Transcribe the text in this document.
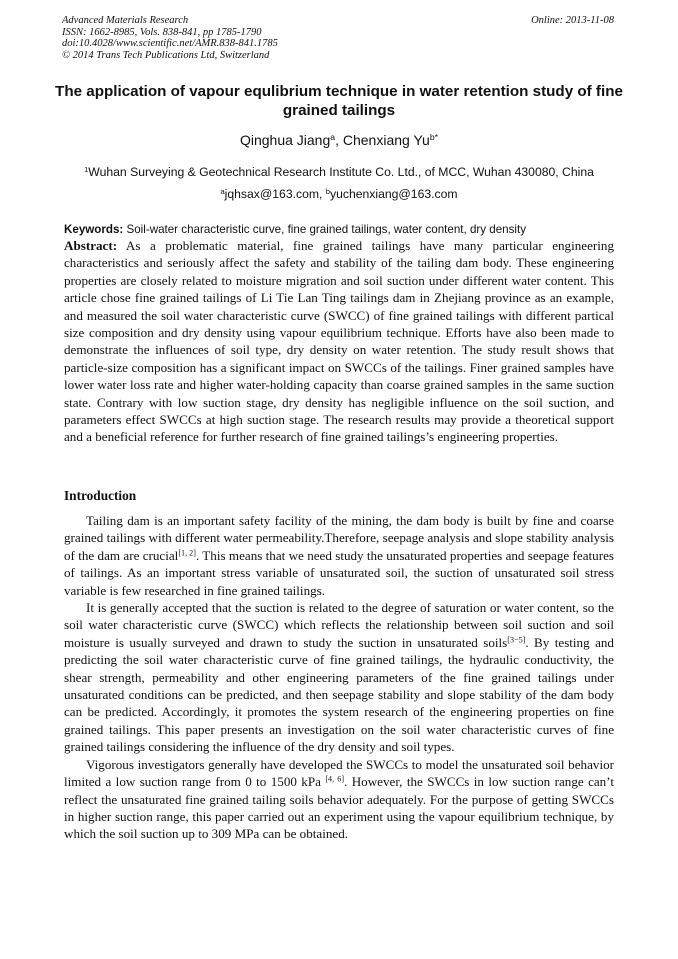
Advanced Materials Research
ISSN: 1662-8985, Vols. 838-841, pp 1785-1790
doi:10.4028/www.scientific.net/AMR.838-841.1785
© 2014 Trans Tech Publications Ltd, Switzerland
Online: 2013-11-08
The application of vapour equlibrium technique in water retention study of fine grained tailings
Qinghua Jiang$^a$, Chenxiang $Yu^{b*}$
$^1$Wuhan Surveying & Geotechnical Research Institute Co. Ltd., of MCC, Wuhan 430080, China
$^a$jqhsax@163.com, $^b$yuchenxiang@163.com
Keywords: Soil-water characteristic curve, fine grained tailings, water content, dry density
Abstract: As a problematic material, fine grained tailings have many particular engineering characteristics and seriously affect the safety and stability of the tailing dam body. These engineering properties are closely related to moisture migration and soil suction under different water content. This article chose fine grained tailings of Li Tie Lan Ting tailings dam in Zhejiang province as an example, and measured the soil water characteristic curve (SWCC) of fine grained tailings with different partical size composition and dry density using vapour equilibrium technique. Efforts have also been made to demonstrate the influences of soil type, dry density on water retention. The study result shows that particle-size composition has a significant impact on SWCCs of the tailings. Finer grained samples have lower water loss rate and higher water-holding capacity than coarse grained samples in the same suction state. Contrary with low suction stage, dry density has negligible influence on the soil suction, and parameters effect SWCCs at high suction stage. The research results may provide a theoretical support and a beneficial reference for further research of fine grained tailings’s engineering properties.
Introduction

Tailing dam is an important safety facility of the mining, the dam body is built by fine and coarse grained tailings with different water permeability.Therefore, seepage analysis and slope stability analysis of the dam are crucial[1, 2]. This means that we need study the unsaturated properties and seepage features of tailings. As an important stress variable of unsaturated soil, the suction of unsaturated soil stress variable is few researched in fine grained tailings.

It is generally accepted that the suction is related to the degree of saturation or water content, so the soil water characteristic curve (SWCC) which reflects the relationship between soil suction and soil moisture is usually surveyed and drawn to study the suction in unsaturated soils[3−5]. By testing and predicting the soil water characteristic curve of fine grained tailings, the hydraulic conductivity, the shear strength, permeability and other engineering parameters of the fine grained tailings under unsaturated conditions can be predicted, and then seepage stability and slope stability of the dam body can be predicted. Accordingly, it promotes the system research of the engineering properties on fine grained tailings. This paper presents an investigation on the soil water characteristic curves of fine grained tailings considering the influence of the dry density and soil types.

Vigorous investigators generally have developed the SWCCs to model the unsaturated soil behavior limited a low suction range from 0 to 1500 kPa [4, 6]. However, the SWCCs in low suction range can’t reflect the unsaturated fine grained tailing soils behavior adequately. For the purpose of getting SWCCs in higher suction range, this paper carried out an experiment using the vapour equilibrium technique, by which the soil suction up to 309 MPa can be obtained.
